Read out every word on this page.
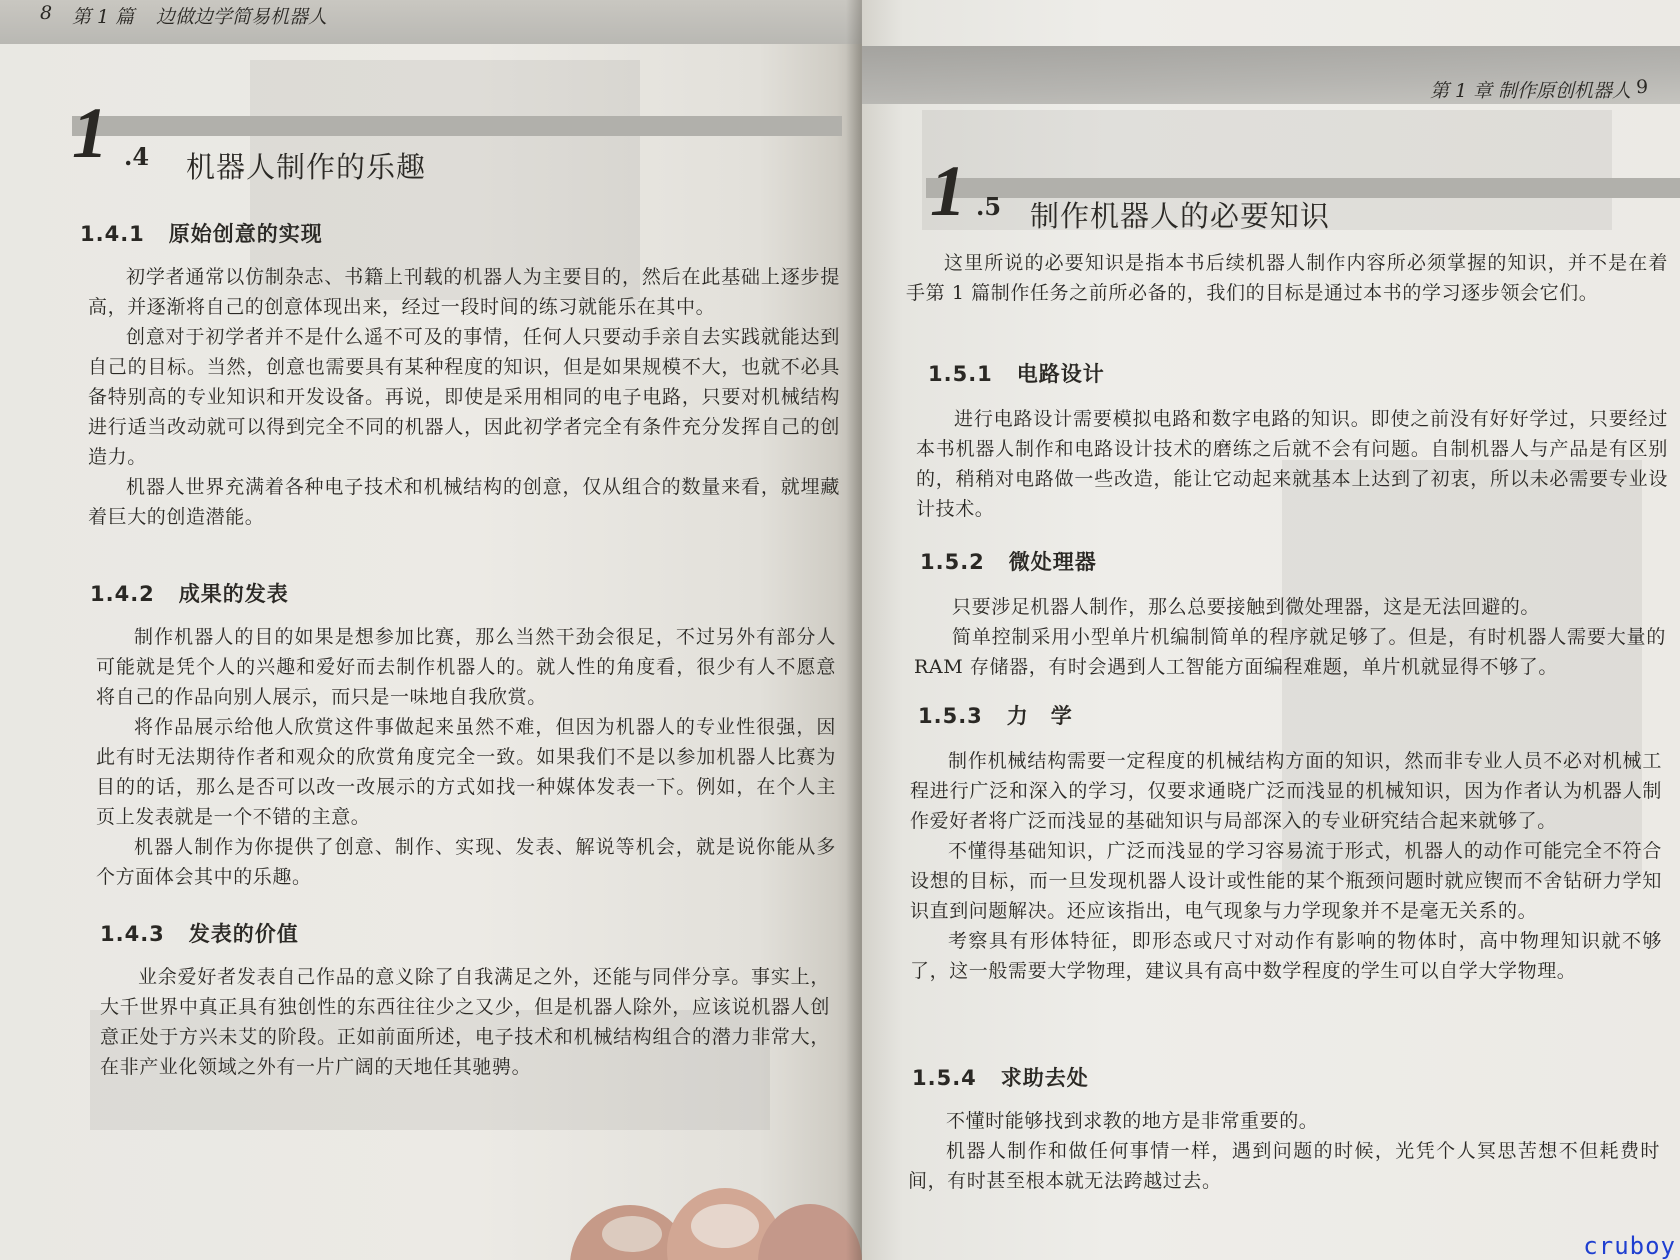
8 第 1 篇 边做边学简易机器人
1 .4 机器人制作的乐趣
1.4.1 原始创意的实现

初学者通常以仿制杂志、书籍上刊载的机器人为主要目的，然后在此基础上逐步提高，并逐渐将自己的创意体现出来，经过一段时间的练习就能乐在其中。

创意对于初学者并不是什么遥不可及的事情，任何人只要动手亲自去实践就能达到自己的目标。当然，创意也需要具有某种程度的知识，但是如果规模不大，也就不必具备特别高的专业知识和开发设备。再说，即使是采用相同的电子电路，只要对机械结构进行适当改动就可以得到完全不同的机器人，因此初学者完全有条件充分发挥自己的创造力。

机器人世界充满着各种电子技术和机械结构的创意，仅从组合的数量来看，就埋藏着巨大的创造潜能。

1.4.2 成果的发表

制作机器人的目的如果是想参加比赛，那么当然干劲会很足，不过另外有部分人可能就是凭个人的兴趣和爱好而去制作机器人的。就人性的角度看，很少有人不愿意将自己的作品向别人展示，而只是一味地自我欣赏。

将作品展示给他人欣赏这件事做起来虽然不难，但因为机器人的专业性很强，因此有时无法期待作者和观众的欣赏角度完全一致。如果我们不是以参加机器人比赛为目的的话，那么是否可以改一改展示的方式如找一种媒体发表一下。例如，在个人主页上发表就是一个不错的主意。

机器人制作为你提供了创意、制作、实现、发表、解说等机会，就是说你能从多个方面体会其中的乐趣。

1.4.3 发表的价值

业余爱好者发表自己作品的意义除了自我满足之外，还能与同伴分享。事实上，大千世界中真正具有独创性的东西往往少之又少，但是机器人除外，应该说机器人创意正处于方兴未艾的阶段。正如前面所述，电子技术和机械结构组合的潜力非常大，在非产业化领域之外有一片广阔的天地任其驰骋。

第 1 章 制作原创机器人 9
1 .5 制作机器人的必要知识

这里所说的必要知识是指本书后续机器人制作内容所必须掌握的知识，并不是在着手第 1 篇制作任务之前所必备的，我们的目标是通过本书的学习逐步领会它们。

1.5.1 电路设计

进行电路设计需要模拟电路和数字电路的知识。即使之前没有好好学过，只要经过本书机器人制作和电路设计技术的磨练之后就不会有问题。自制机器人与产品是有区别的，稍稍对电路做一些改造，能让它动起来就基本上达到了初衷，所以未必需要专业设计技术。

1.5.2 微处理器

只要涉足机器人制作，那么总要接触到微处理器，这是无法回避的。

简单控制采用小型单片机编制简单的程序就足够了。但是，有时机器人需要大量的 RAM 存储器，有时会遇到人工智能方面编程难题，单片机就显得不够了。

1.5.3 力　学

制作机械结构需要一定程度的机械结构方面的知识，然而非专业人员不必对机械工程进行广泛和深入的学习，仅要求通晓广泛而浅显的机械知识，因为作者认为机器人制作爱好者将广泛而浅显的基础知识与局部深入的专业研究结合起来就够了。

不懂得基础知识，广泛而浅显的学习容易流于形式，机器人的动作可能完全不符合设想的目标，而一旦发现机器人设计或性能的某个瓶颈问题时就应锲而不舍钻研力学知识直到问题解决。还应该指出，电气现象与力学现象并不是毫无关系的。

考察具有形体特征，即形态或尺寸对动作有影响的物体时，高中物理知识就不够了，这一般需要大学物理，建议具有高中数学程度的学生可以自学大学物理。

1.5.4 求助去处

不懂时能够找到求教的地方是非常重要的。

机器人制作和做任何事情一样，遇到问题的时候，光凭个人冥思苦想不但耗费时间，有时甚至根本就无法跨越过去。

cruboy
